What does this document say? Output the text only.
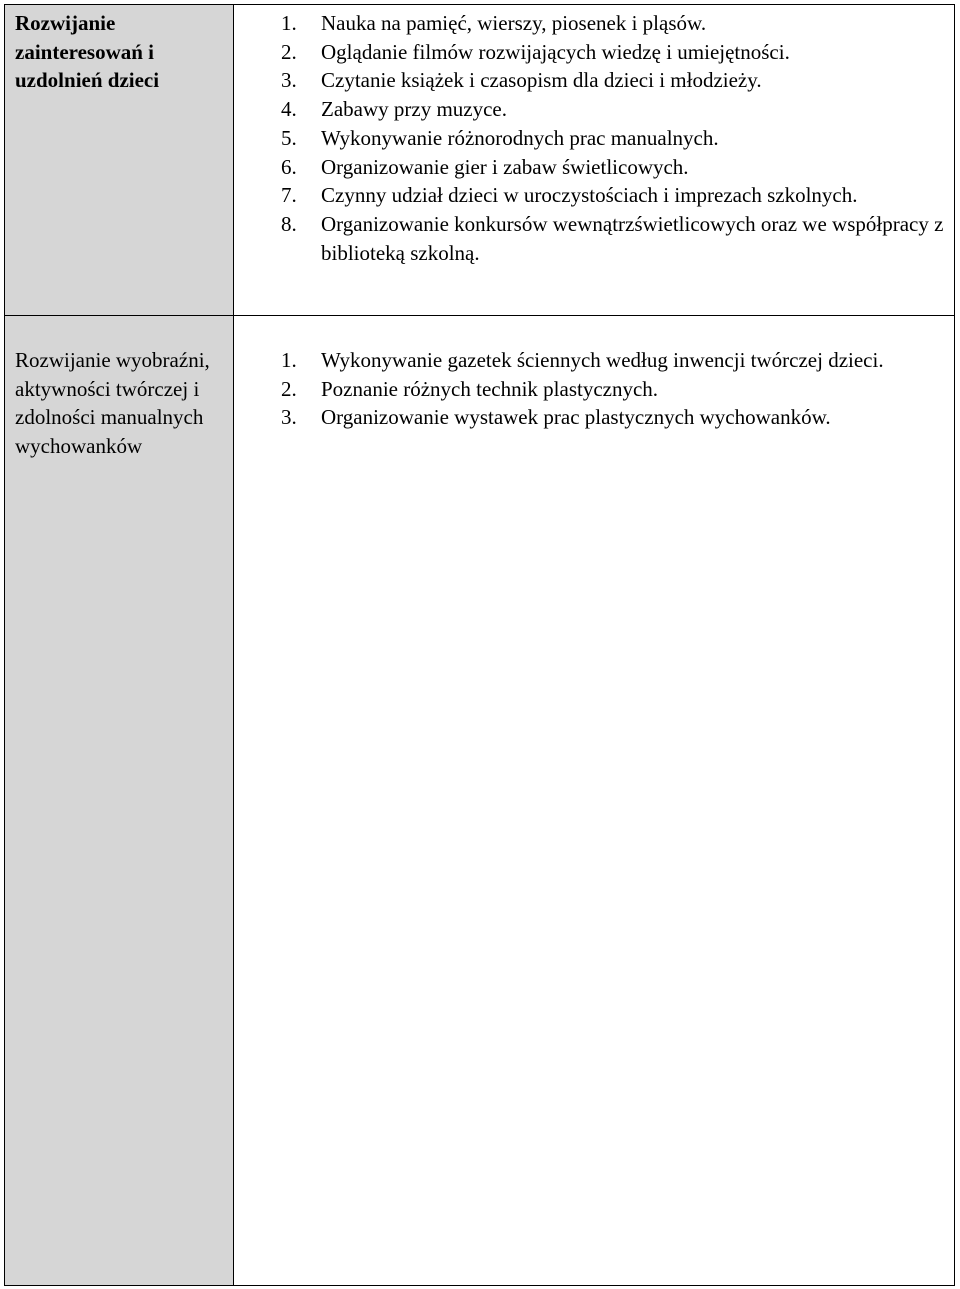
Rozwijanie zainteresowań i uzdolnień dzieci
1. Nauka na pamięć, wierszy, piosenek i pląsów.
2. Oglądanie filmów rozwijających wiedzę i umiejętności.
3. Czytanie książek i czasopism dla dzieci i młodzieży.
4. Zabawy przy muzyce.
5. Wykonywanie różnorodnych prac manualnych.
6. Organizowanie gier i zabaw świetlicowych.
7. Czynny udział dzieci w uroczystościach i imprezach szkolnych.
8. Organizowanie konkursów wewnątrzświetlicowych oraz we współpracy z biblioteką szkolną.
Rozwijanie wyobraźni, aktywności twórczej i zdolności manualnych wychowanków
1. Wykonywanie gazetek ściennych według inwencji twórczej dzieci.
2. Poznanie różnych technik plastycznych.
3. Organizowanie wystawek prac plastycznych wychowanków.
